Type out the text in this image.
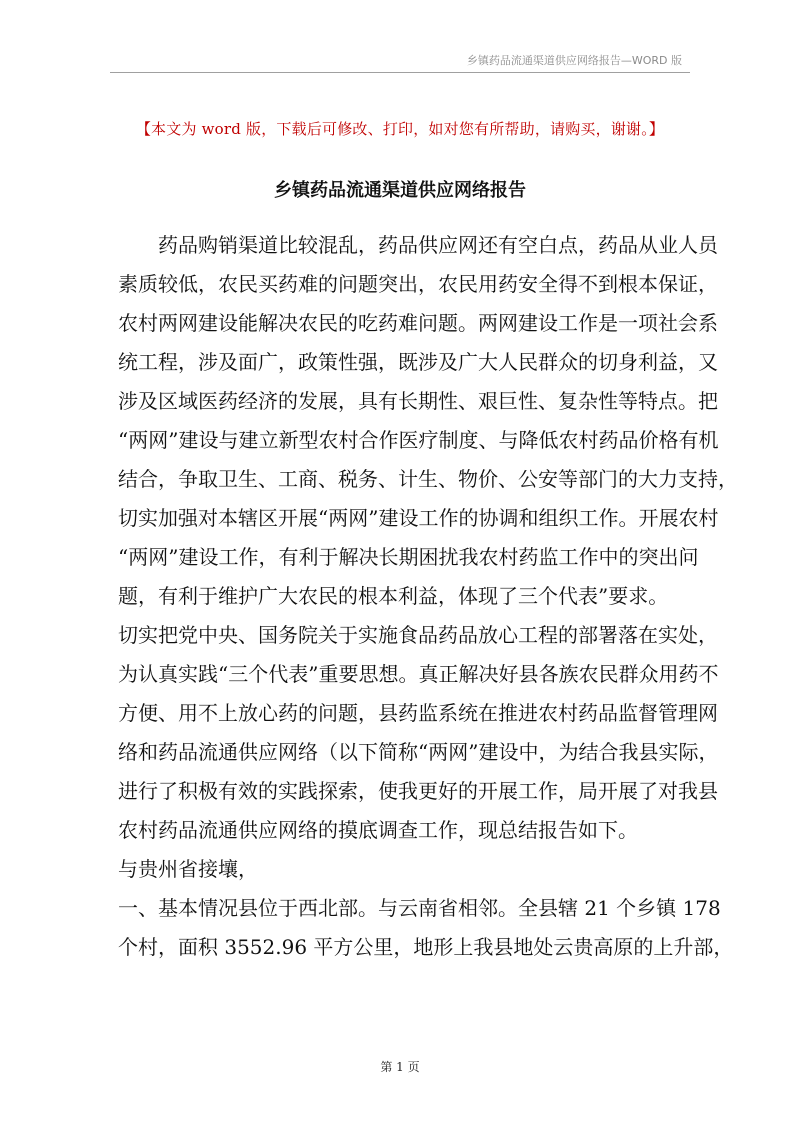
乡镇药品流通渠道供应网络报告—WORD 版
【本文为 word 版，下载后可修改、打印，如对您有所帮助，请购买，谢谢。】
乡镇药品流通渠道供应网络报告
药品购销渠道比较混乱，药品供应网还有空白点，药品从业人员
素质较低，农民买药难的问题突出，农民用药安全得不到根本保证，
农村两网建设能解决农民的吃药难问题。两网建设工作是一项社会系
统工程，涉及面广，政策性强，既涉及广大人民群众的切身利益，又
涉及区域医药经济的发展，具有长期性、艰巨性、复杂性等特点。把
“两网”建设与建立新型农村合作医疗制度、与降低农村药品价格有机
结合，争取卫生、工商、税务、计生、物价、公安等部门的大力支持，
切实加强对本辖区开展“两网”建设工作的协调和组织工作。开展农村
“两网”建设工作，有利于解决长期困扰我农村药监工作中的突出问
题，有利于维护广大农民的根本利益，体现了三个代表”要求。
切实把党中央、国务院关于实施食品药品放心工程的部署落在实处，
为认真实践“三个代表”重要思想。真正解决好县各族农民群众用药不
方便、用不上放心药的问题，县药监系统在推进农村药品监督管理网
络和药品流通供应网络（以下简称“两网”建设中，为结合我县实际，
进行了积极有效的实践探索，使我更好的开展工作，局开展了对我县
农村药品流通供应网络的摸底调查工作，现总结报告如下。
与贵州省接壤，
一、基本情况县位于西北部。与云南省相邻。全县辖 21 个乡镇 178
个村，面积 3552.96 平方公里，地形上我县地处云贵高原的上升部，
第 1 页
